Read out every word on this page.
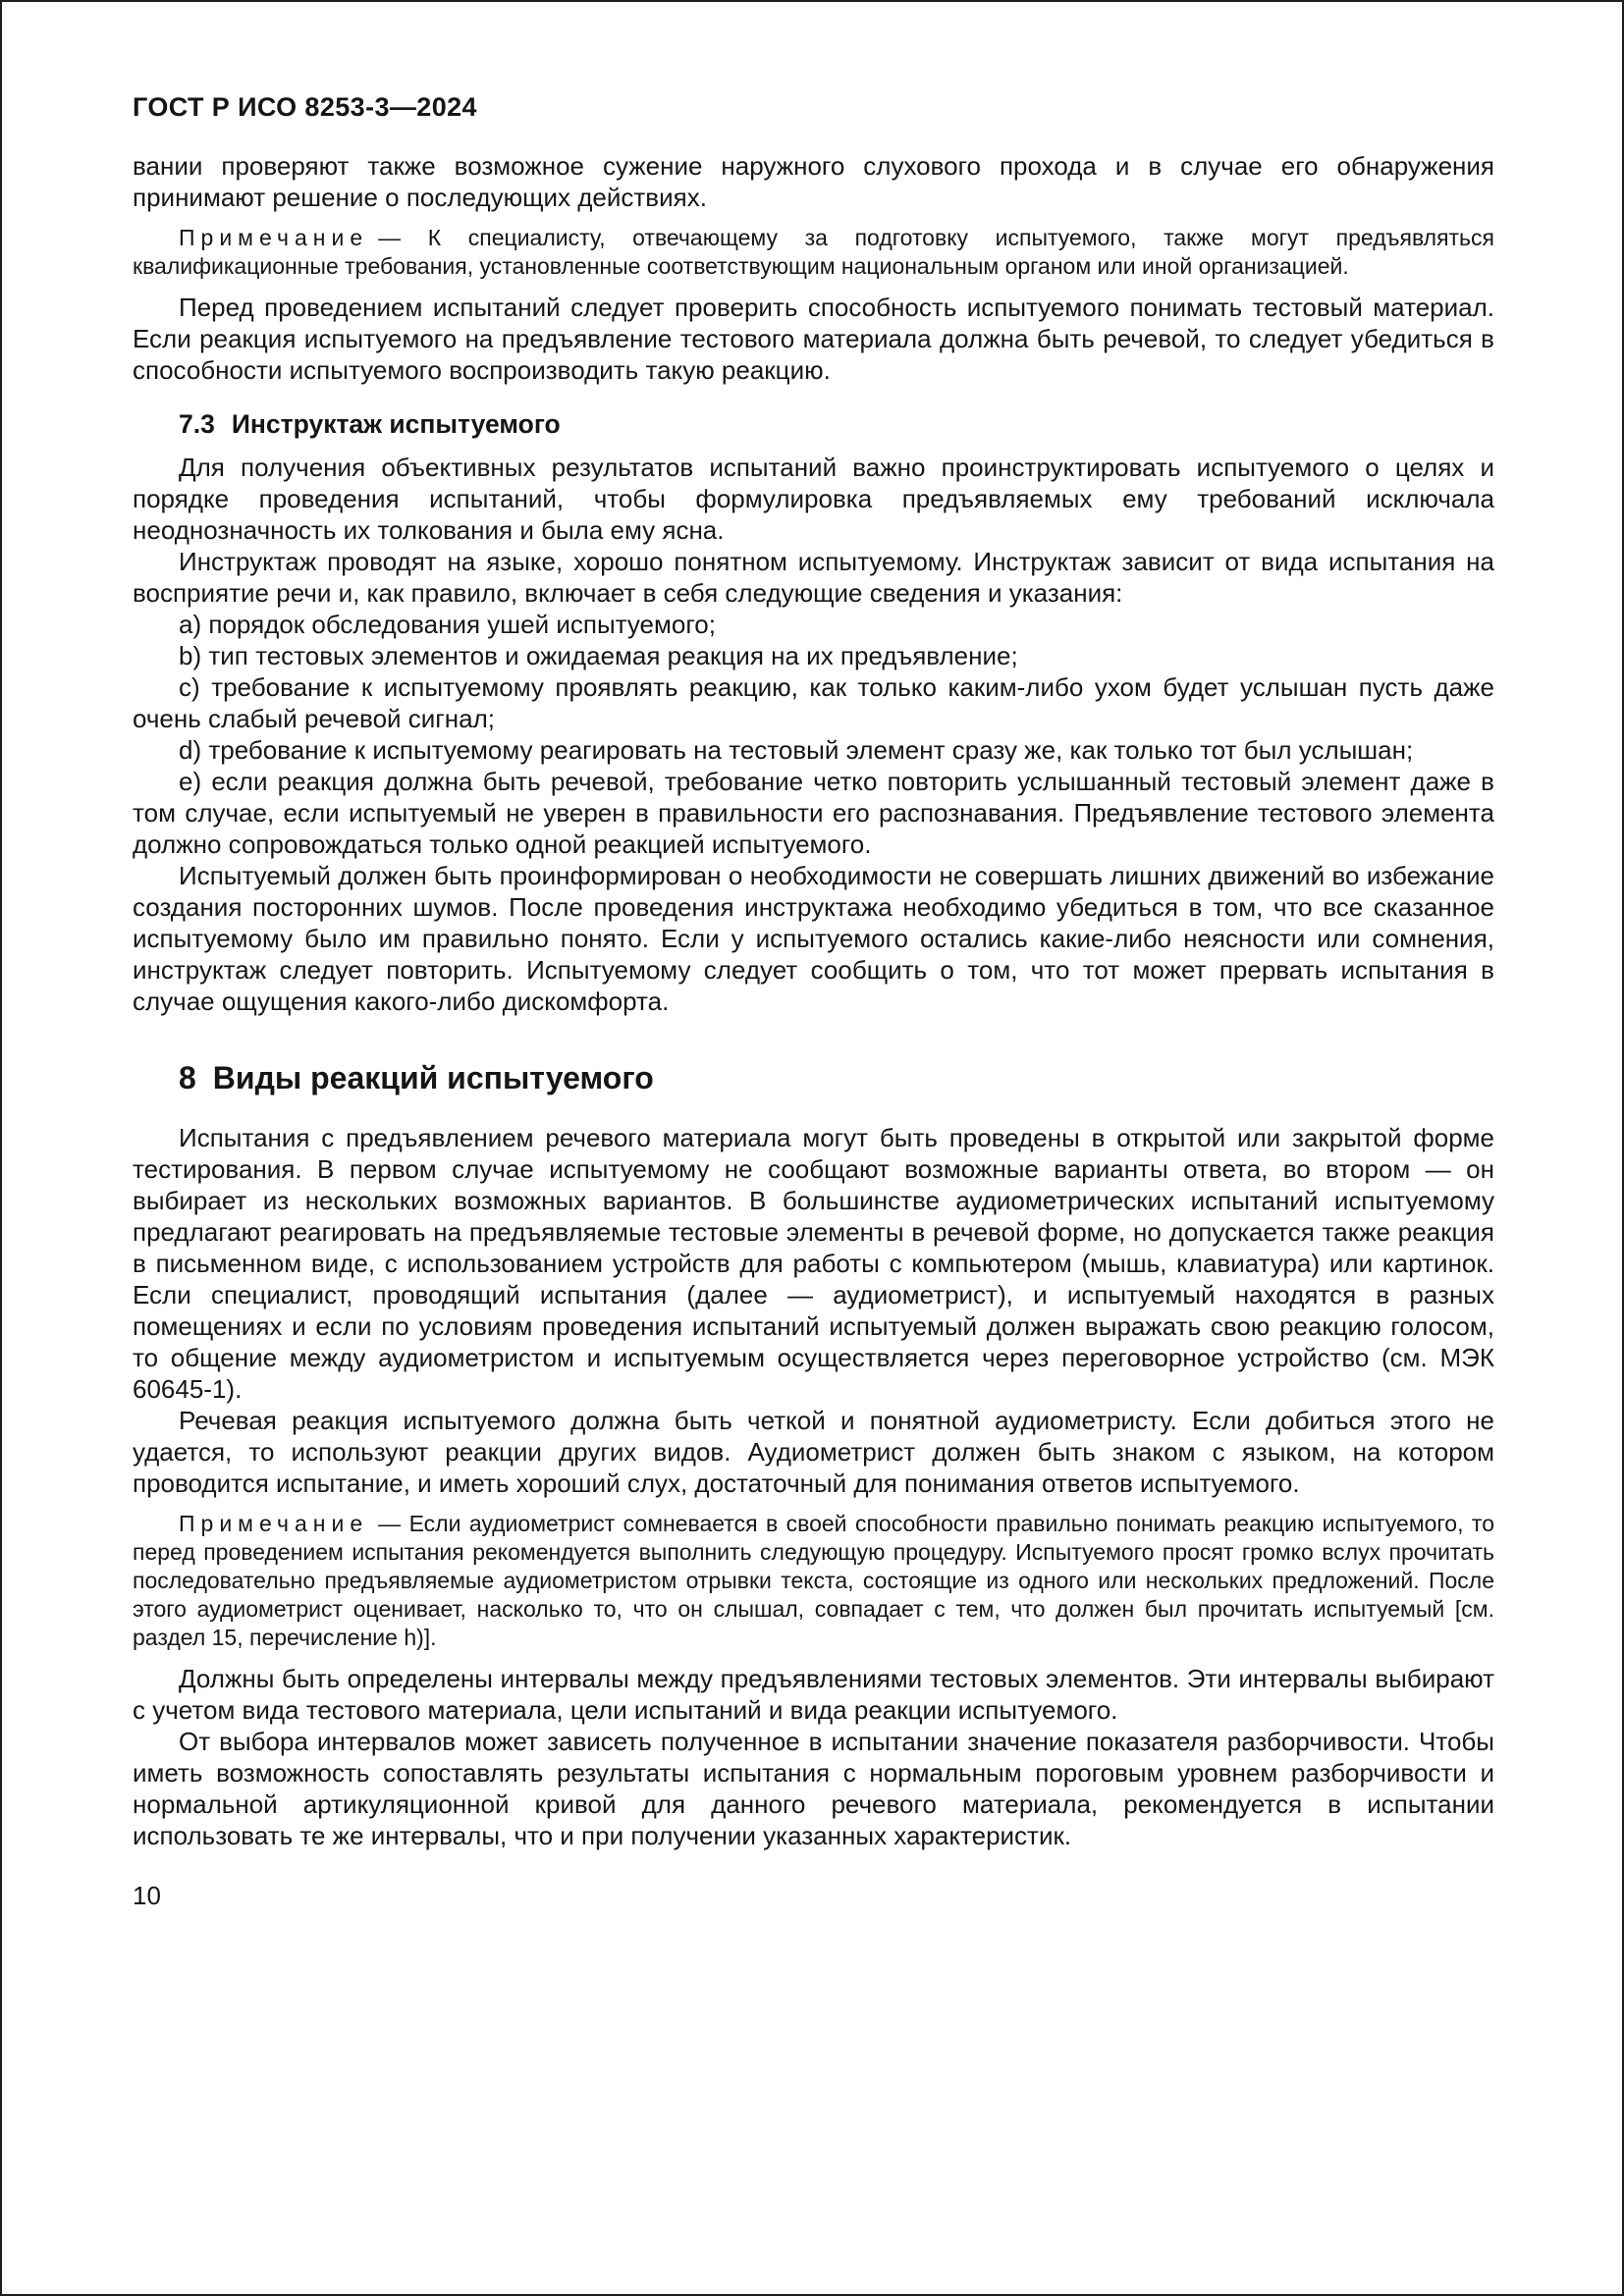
ГОСТ Р ИСО 8253-3—2024

вании проверяют также возможное сужение наружного слухового прохода и в случае его обнаружения принимают решение о последующих действиях.

Примечание — К специалисту, отвечающему за подготовку испытуемого, также могут предъявляться квалификационные требования, установленные соответствующим национальным органом или иной организацией.

Перед проведением испытаний следует проверить способность испытуемого понимать тестовый материал. Если реакция испытуемого на предъявление тестового материала должна быть речевой, то следует убедиться в способности испытуемого воспроизводить такую реакцию.

7.3 Инструктаж испытуемого

Для получения объективных результатов испытаний важно проинструктировать испытуемого о целях и порядке проведения испытаний, чтобы формулировка предъявляемых ему требований исключала неоднозначность их толкования и была ему ясна.

Инструктаж проводят на языке, хорошо понятном испытуемому. Инструктаж зависит от вида испытания на восприятие речи и, как правило, включает в себя следующие сведения и указания:

a) порядок обследования ушей испытуемого;

b) тип тестовых элементов и ожидаемая реакция на их предъявление;

c) требование к испытуемому проявлять реакцию, как только каким-либо ухом будет услышан пусть даже очень слабый речевой сигнал;

d) требование к испытуемому реагировать на тестовый элемент сразу же, как только тот был услышан;

e) если реакция должна быть речевой, требование четко повторить услышанный тестовый элемент даже в том случае, если испытуемый не уверен в правильности его распознавания. Предъявление тестового элемента должно сопровождаться только одной реакцией испытуемого.

Испытуемый должен быть проинформирован о необходимости не совершать лишних движений во избежание создания посторонних шумов. После проведения инструктажа необходимо убедиться в том, что все сказанное испытуемому было им правильно понято. Если у испытуемого остались какие-либо неясности или сомнения, инструктаж следует повторить. Испытуемому следует сообщить о том, что тот может прервать испытания в случае ощущения какого-либо дискомфорта.

8 Виды реакций испытуемого

Испытания с предъявлением речевого материала могут быть проведены в открытой или закрытой форме тестирования. В первом случае испытуемому не сообщают возможные варианты ответа, во втором — он выбирает из нескольких возможных вариантов. В большинстве аудиометрических испытаний испытуемому предлагают реагировать на предъявляемые тестовые элементы в речевой форме, но допускается также реакция в письменном виде, с использованием устройств для работы с компьютером (мышь, клавиатура) или картинок. Если специалист, проводящий испытания (далее — аудиометрист), и испытуемый находятся в разных помещениях и если по условиям проведения испытаний испытуемый должен выражать свою реакцию голосом, то общение между аудиометристом и испытуемым осуществляется через переговорное устройство (см. МЭК 60645-1).

Речевая реакция испытуемого должна быть четкой и понятной аудиометристу. Если добиться этого не удается, то используют реакции других видов. Аудиометрист должен быть знаком с языком, на котором проводится испытание, и иметь хороший слух, достаточный для понимания ответов испытуемого.

Примечание — Если аудиометрист сомневается в своей способности правильно понимать реакцию испытуемого, то перед проведением испытания рекомендуется выполнить следующую процедуру. Испытуемого просят громко вслух прочитать последовательно предъявляемые аудиометристом отрывки текста, состоящие из одного или нескольких предложений. После этого аудиометрист оценивает, насколько то, что он слышал, совпадает с тем, что должен был прочитать испытуемый [см. раздел 15, перечисление h)].

Должны быть определены интервалы между предъявлениями тестовых элементов. Эти интервалы выбирают с учетом вида тестового материала, цели испытаний и вида реакции испытуемого.

От выбора интервалов может зависеть полученное в испытании значение показателя разборчивости. Чтобы иметь возможность сопоставлять результаты испытания с нормальным пороговым уровнем разборчивости и нормальной артикуляционной кривой для данного речевого материала, рекомендуется в испытании использовать те же интервалы, что и при получении указанных характеристик.

10
